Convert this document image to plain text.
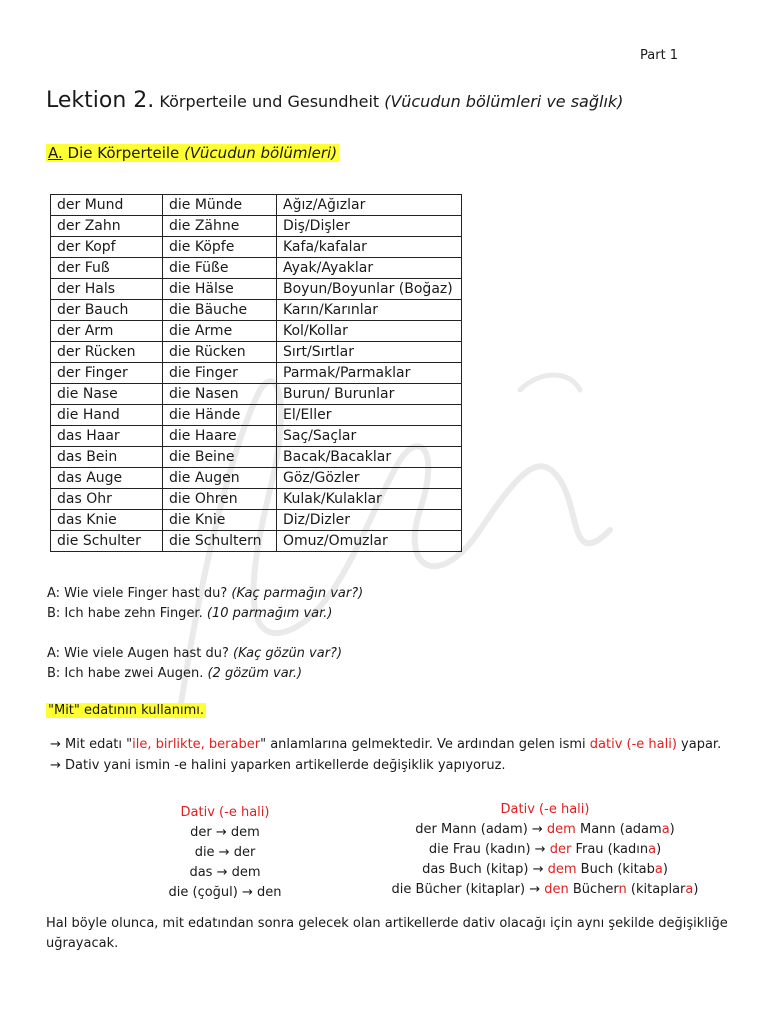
Part 1
Lektion 2. Körperteile und Gesundheit (Vücudun bölümleri ve sağlık)
A. Die Körperteile (Vücudun bölümleri)
der Mund	die Münde	Ağız/Ağızlar
der Zahn	die Zähne	Diş/Dişler
der Kopf	die Köpfe	Kafa/kafalar
der Fuß	die Füße	Ayak/Ayaklar
der Hals	die Hälse	Boyun/Boyunlar (Boğaz)
der Bauch	die Bäuche	Karın/Karınlar
der Arm	die Arme	Kol/Kollar
der Rücken	die Rücken	Sırt/Sırtlar
der Finger	die Finger	Parmak/Parmaklar
die Nase	die Nasen	Burun/ Burunlar
die Hand	die Hände	El/Eller
das Haar	die Haare	Saç/Saçlar
das Bein	die Beine	Bacak/Bacaklar
das Auge	die Augen	Göz/Gözler
das Ohr	die Ohren	Kulak/Kulaklar
das Knie	die Knie	Diz/Dizler
die Schulter	die Schultern	Omuz/Omuzlar
A: Wie viele Finger hast du? (Kaç parmağın var?)
B: Ich habe zehn Finger. (10 parmağım var.)
A: Wie viele Augen hast du? (Kaç gözün var?)
B: Ich habe zwei Augen. (2 gözüm var.)
"Mit" edatının kullanımı.
→ Mit edatı "ile, birlikte, beraber" anlamlarına gelmektedir. Ve ardından gelen ismi dativ (-e hali) yapar.
→ Dativ yani ismin -e halini yaparken artikellerde değişiklik yapıyoruz.
Dativ (-e hali)
der → dem
die → der
das → dem
die (çoğul) → den
Dativ (-e hali)
der Mann (adam) → dem Mann (adama)
die Frau (kadın) → der Frau (kadına)
das Buch (kitap) → dem Buch (kitaba)
die Bücher (kitaplar) → den Büchern (kitaplara)
Hal böyle olunca, mit edatından sonra gelecek olan artikellerde dativ olacağı için aynı şekilde değişikliğe uğrayacak.
